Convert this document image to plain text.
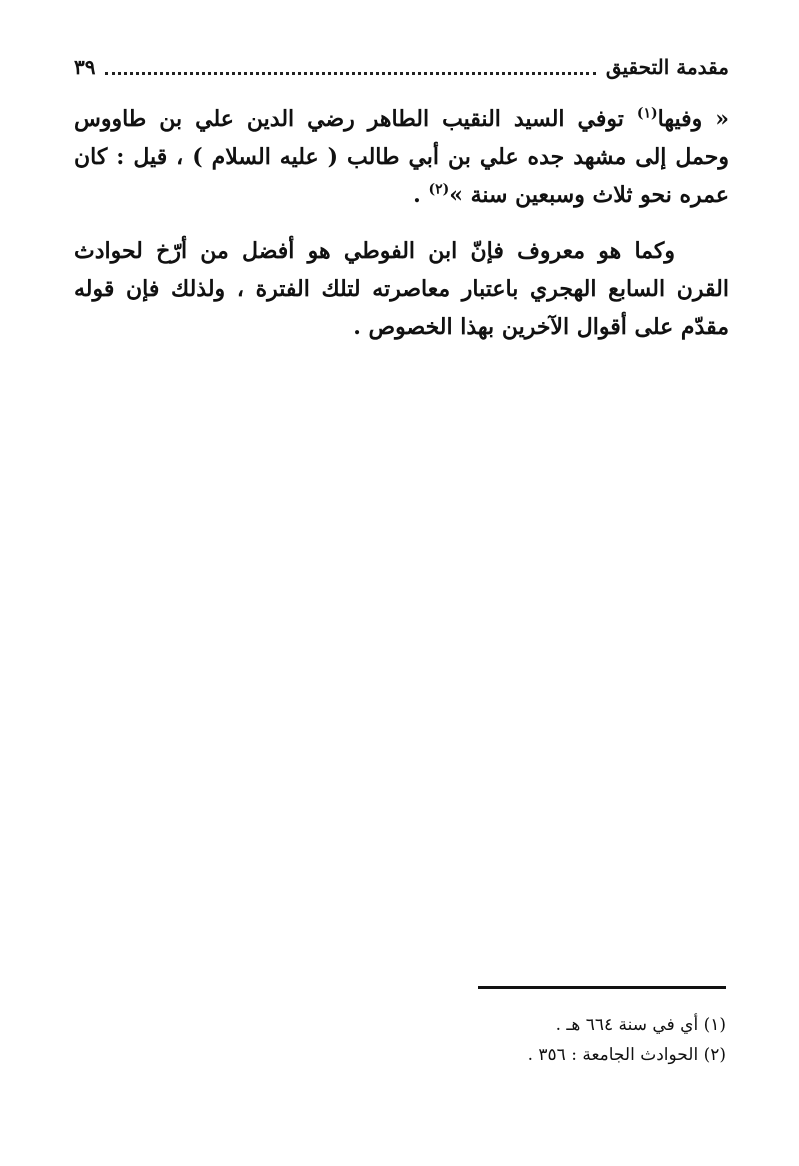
مقدمة التحقيق
٣٩

« وفيها$^{(١)}$ توفي السيد النقيب الطاهر رضي الدين علي بن طاووس وحمل إلى مشهد جده علي بن أبي طالب ( عليه السلام ) ، قيل : كان عمره نحو ثلاث وسبعين سنة »$^{(٢)}$ .

وكما هو معروف فإنّ ابن الفوطي هو أفضل من أرّخ لحوادث القرن السابع الهجري باعتبار معاصرته لتلك الفترة ، ولذلك فإن قوله مقدّم على أقوال الآخرين بهذا الخصوص .

(١) أي في سنة ٦٦٤ هـ .
(٢) الحوادث الجامعة : ٣٥٦ .
